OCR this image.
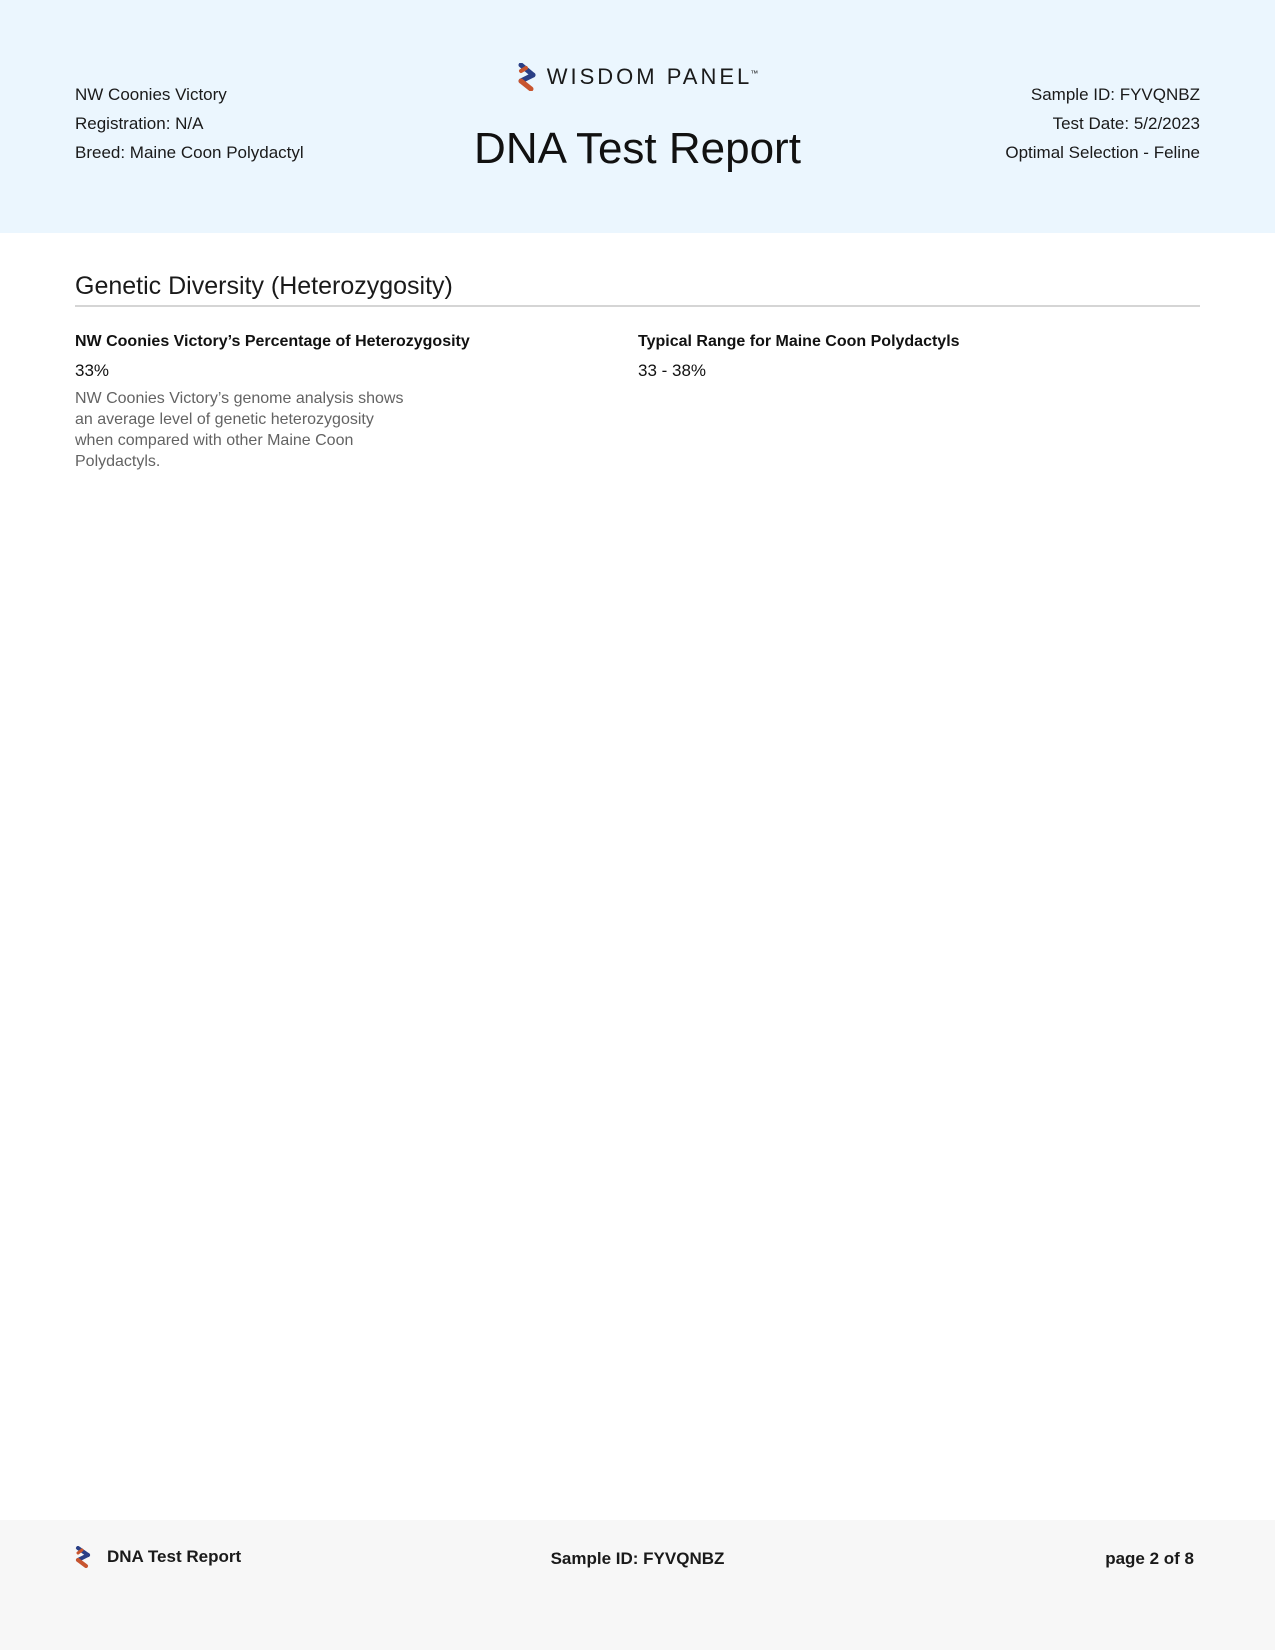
NW Coonies Victory
Registration: N/A
Breed: Maine Coon Polydactyl
WISDOM PANEL™
DNA Test Report
Sample ID: FYVQNBZ
Test Date: 5/2/2023
Optimal Selection - Feline
Genetic Diversity (Heterozygosity)
NW Coonies Victory’s Percentage of Heterozygosity
33%
NW Coonies Victory’s genome analysis shows an average level of genetic heterozygosity when compared with other Maine Coon Polydactyls.
Typical Range for Maine Coon Polydactyls
33 - 38%
DNA Test Report	Sample ID: FYVQNBZ	page 2 of 8
